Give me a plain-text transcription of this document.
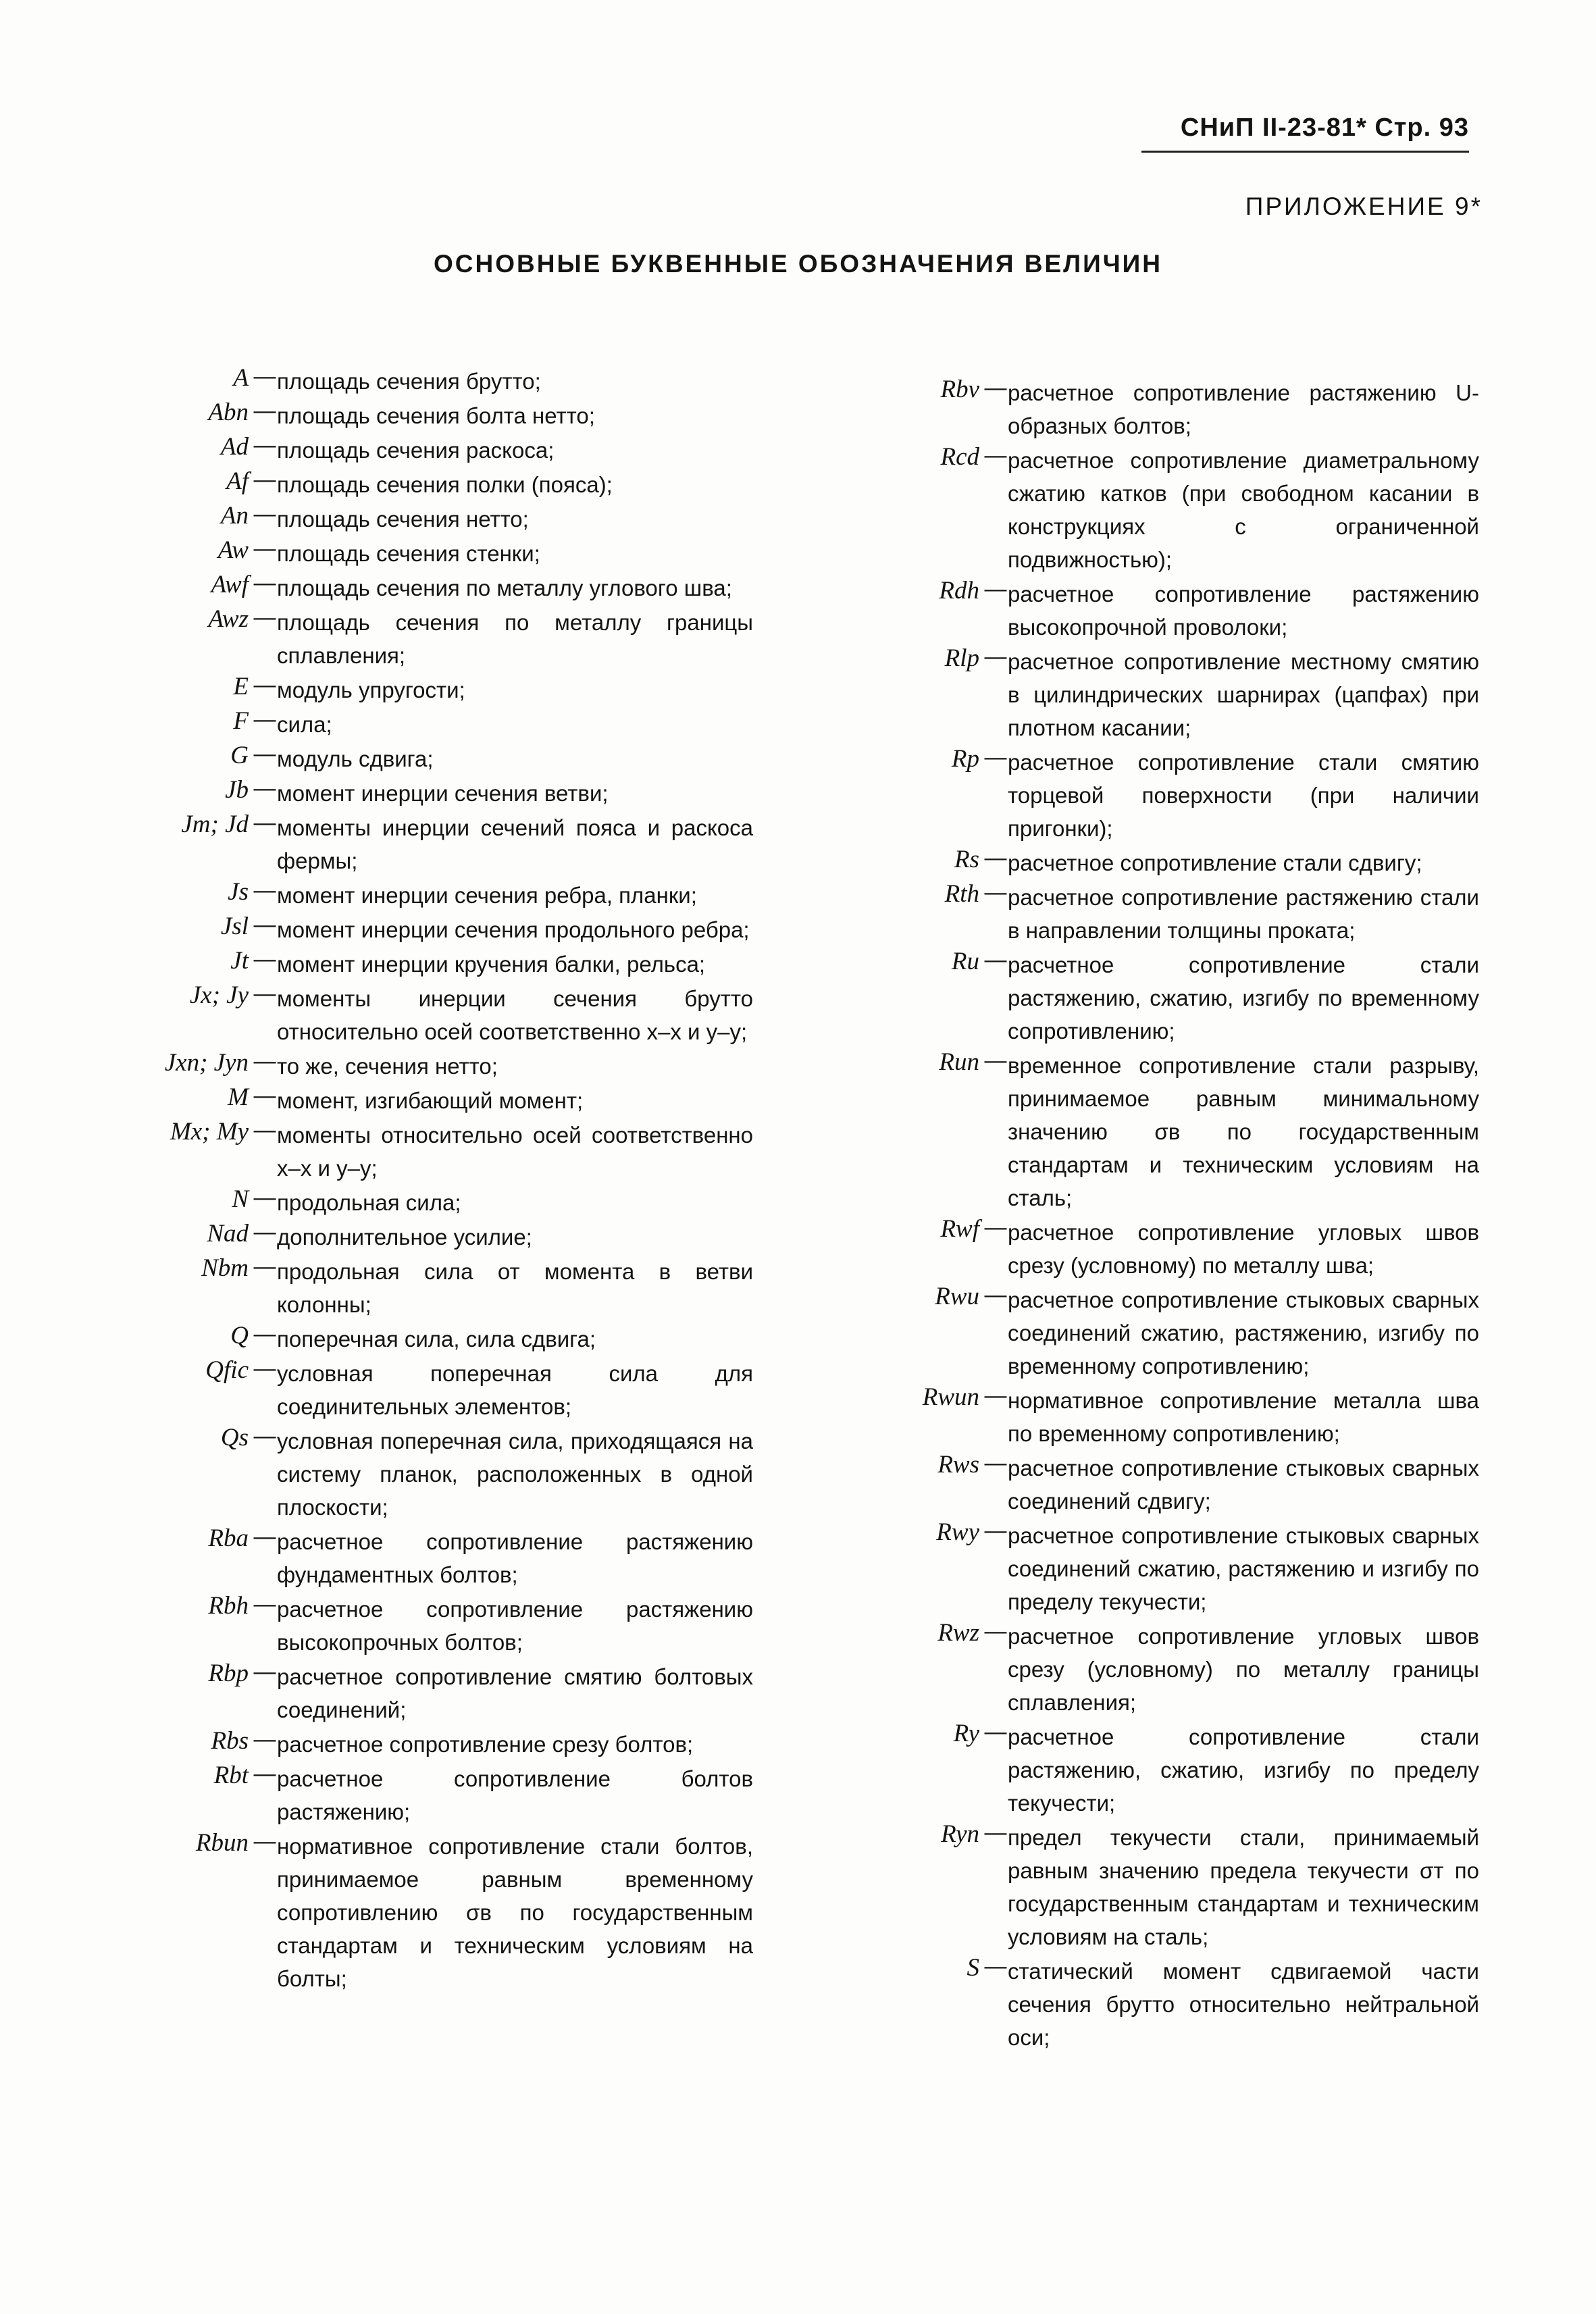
СНиП II-23-81* Стр. 93
ПРИЛОЖЕНИЕ 9*
ОСНОВНЫЕ БУКВЕННЫЕ ОБОЗНАЧЕНИЯ ВЕЛИЧИН
A — площадь сечения брутто;
Abn — площадь сечения болта нетто;
Ad — площадь сечения раскоса;
Af — площадь сечения полки (пояса);
An — площадь сечения нетто;
Aw — площадь сечения стенки;
Awf — площадь сечения по металлу углового шва;
Awz — площадь сечения по металлу границы сплавления;
E — модуль упругости;
F — сила;
G — модуль сдвига;
Jb — момент инерции сечения ветви;
Jm; Jd — моменты инерции сечений пояса и раскоса фермы;
Js — момент инерции сечения ребра, планки;
Jsl — момент инерции сечения продольного ребра;
Jt — момент инерции кручения балки, рельса;
Jx; Jy — моменты инерции сечения брутто относительно осей соответственно x–x и y–y;
Jxn; Jyn — то же, сечения нетто;
M — момент, изгибающий момент;
Mx; My — моменты относительно осей соответственно x–x и y–y;
N — продольная сила;
Nad — дополнительное усилие;
Nbm — продольная сила от момента в ветви колонны;
Q — поперечная сила, сила сдвига;
Qfic — условная поперечная сила для соединительных элементов;
Qs — условная поперечная сила, приходящаяся на систему планок, расположенных в одной плоскости;
Rba — расчетное сопротивление растяжению фундаментных болтов;
Rbh — расчетное сопротивление растяжению высокопрочных болтов;
Rbp — расчетное сопротивление смятию болтовых соединений;
Rbs — расчетное сопротивление срезу болтов;
Rbt — расчетное сопротивление болтов растяжению;
Rbun — нормативное сопротивление стали болтов, принимаемое равным временному сопротивлению σв по государственным стандартам и техническим условиям на болты;
Rbv — расчетное сопротивление растяжению U-образных болтов;
Rcd — расчетное сопротивление диаметральному сжатию катков (при свободном касании в конструкциях с ограниченной подвижностью);
Rdh — расчетное сопротивление растяжению высокопрочной проволоки;
Rlp — расчетное сопротивление местному смятию в цилиндрических шарнирах (цапфах) при плотном касании;
Rp — расчетное сопротивление стали смятию торцевой поверхности (при наличии пригонки);
Rs — расчетное сопротивление стали сдвигу;
Rth — расчетное сопротивление растяжению стали в направлении толщины проката;
Ru — расчетное сопротивление стали растяжению, сжатию, изгибу по временному сопротивлению;
Run — временное сопротивление стали разрыву, принимаемое равным минимальному значению σв по государственным стандартам и техническим условиям на сталь;
Rwf — расчетное сопротивление угловых швов срезу (условному) по металлу шва;
Rwu — расчетное сопротивление стыковых сварных соединений сжатию, растяжению, изгибу по временному сопротивлению;
Rwun — нормативное сопротивление металла шва по временному сопротивлению;
Rws — расчетное сопротивление стыковых сварных соединений сдвигу;
Rwy — расчетное сопротивление стыковых сварных соединений сжатию, растяжению и изгибу по пределу текучести;
Rwz — расчетное сопротивление угловых швов срезу (условному) по металлу границы сплавления;
Ry — расчетное сопротивление стали растяжению, сжатию, изгибу по пределу текучести;
Ryn — предел текучести стали, принимаемый равным значению предела текучести σт по государственным стандартам и техническим условиям на сталь;
S — статический момент сдвигаемой части сечения брутто относительно нейтральной оси;
